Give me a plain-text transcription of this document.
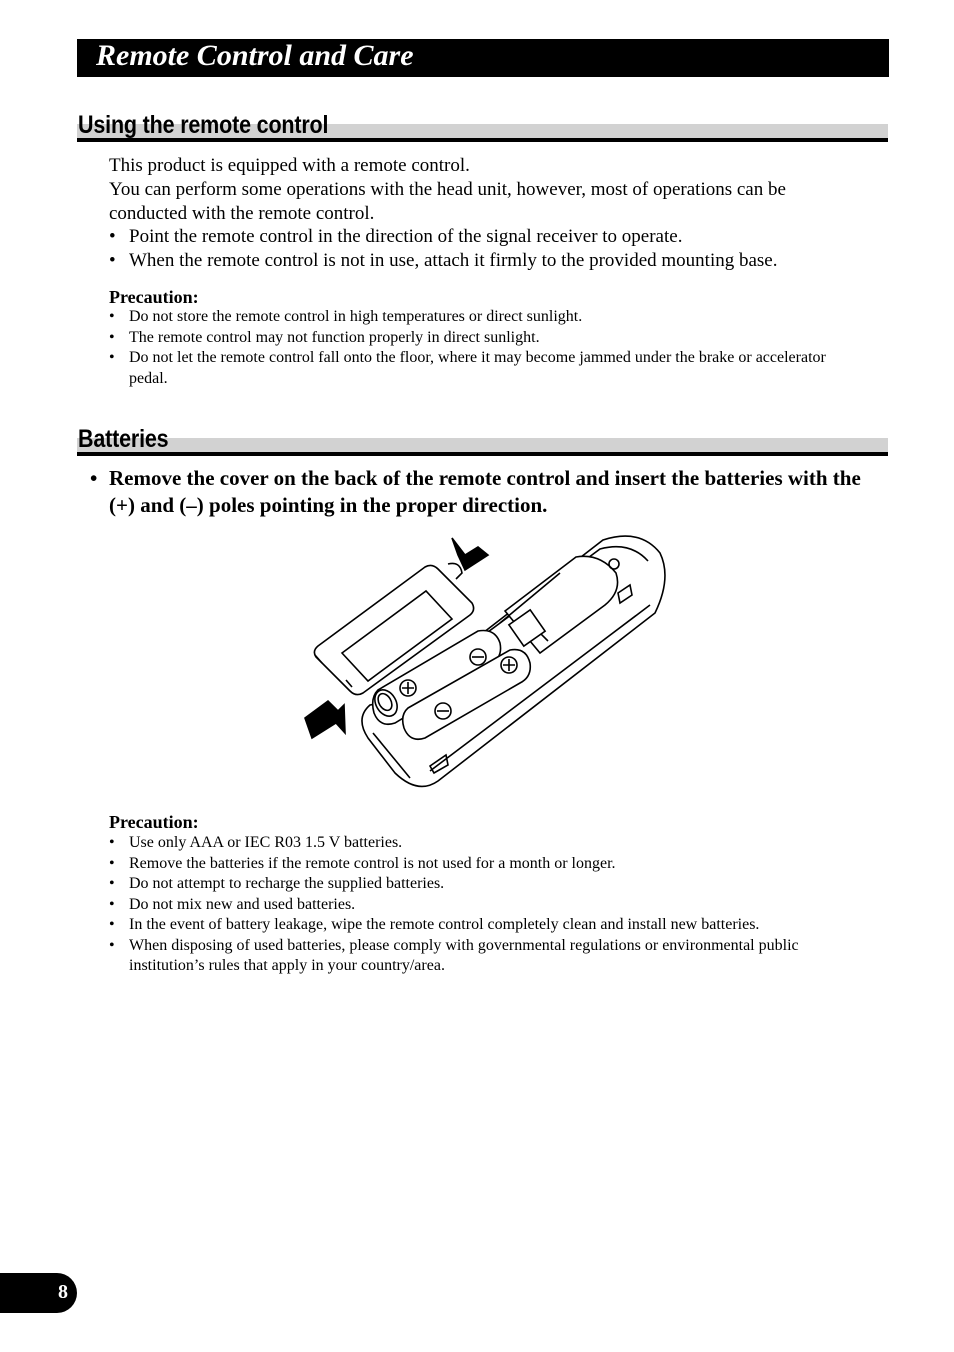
Remote Control and Care
Using the remote control

This product is equipped with a remote control.

You can perform some operations with the head unit, however, most of operations can be conducted with the remote control.

• Point the remote control in the direction of the signal receiver to operate.
• When the remote control is not in use, attach it firmly to the provided mounting base.
Precaution:
• Do not store the remote control in high temperatures or direct sunlight.
• The remote control may not function properly in direct sunlight.
• Do not let the remote control fall onto the floor, where it may become jammed under the brake or accelerator pedal.
Batteries
• Remove the cover on the back of the remote control and insert the batteries with the (+) and (–) poles pointing in the proper direction.
Precaution:
• Use only AAA or IEC R03 1.5 V batteries.
• Remove the batteries if the remote control is not used for a month or longer.
• Do not attempt to recharge the supplied batteries.
• Do not mix new and used batteries.
• In the event of battery leakage, wipe the remote control completely clean and install new batteries.
• When disposing of used batteries, please comply with governmental regulations or environmental public institution’s rules that apply in your country/area.
8
